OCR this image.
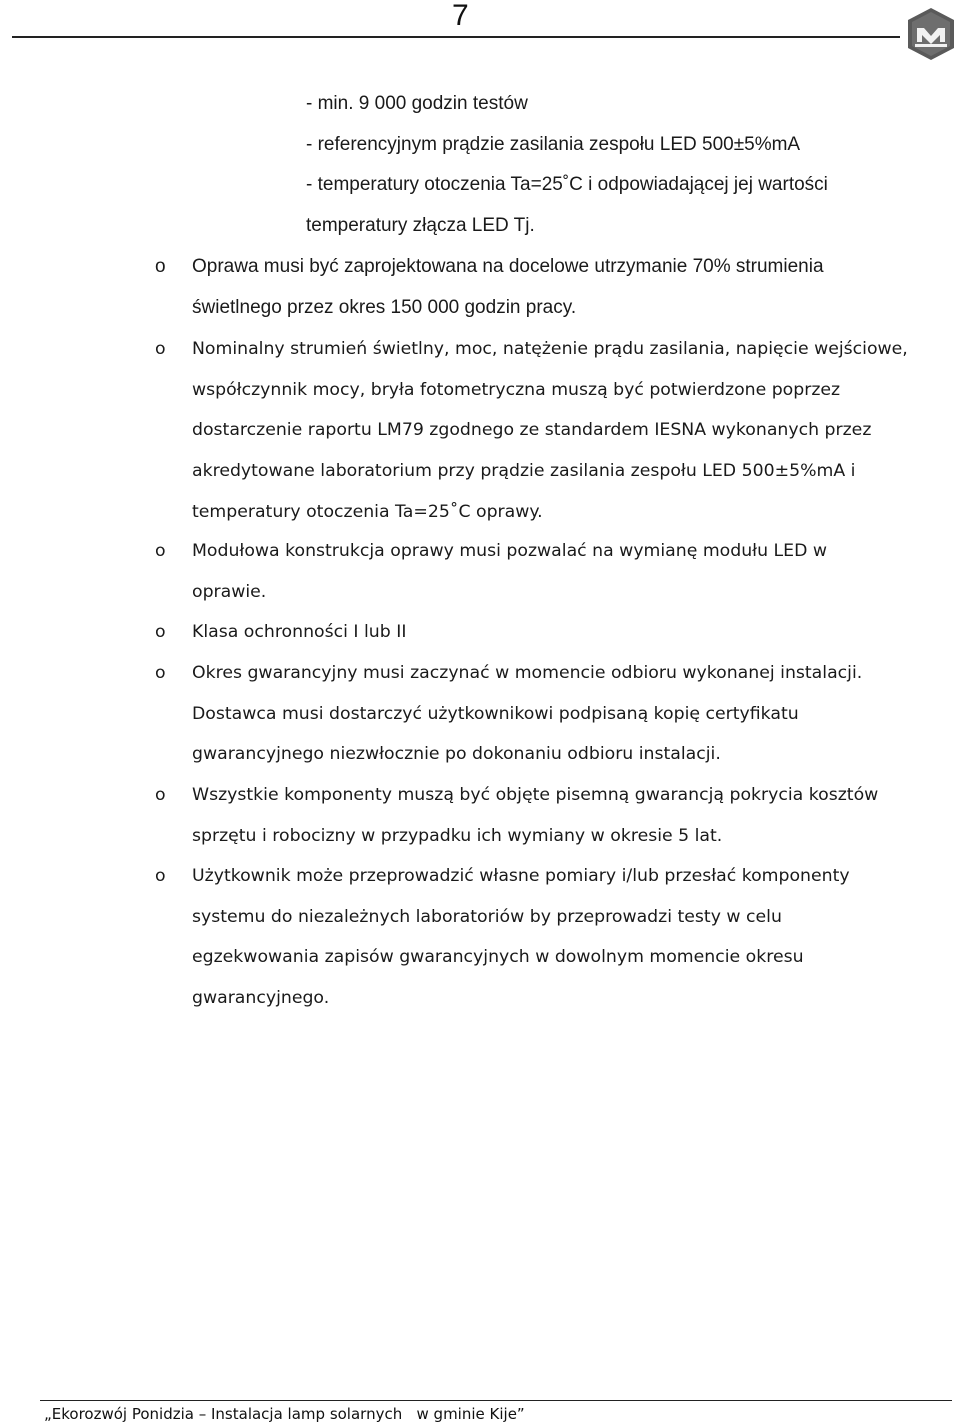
7
- min. 9 000 godzin testów
- referencyjnym prądzie zasilania zespołu LED 500±5%mA
- temperatury otoczenia Ta=25˚C i odpowiadającej jej wartości
temperatury złącza LED Tj.
o	Oprawa musi być zaprojektowana na docelowe utrzymanie 70% strumienia
świetlnego przez okres 150 000 godzin pracy.
o	Nominalny strumień świetlny, moc, natężenie prądu zasilania, napięcie wejściowe,
współczynnik mocy, bryła fotometryczna muszą być potwierdzone poprzez
dostarczenie raportu LM79 zgodnego ze standardem IESNA wykonanych przez
akredytowane laboratorium przy prądzie zasilania zespołu LED 500±5%mA i
temperatury otoczenia Ta=25˚C oprawy.
o	Modułowa konstrukcja oprawy musi pozwalać na wymianę modułu LED w
oprawie.
o	Klasa ochronności I lub II
o	Okres gwarancyjny musi zaczynać w momencie odbioru wykonanej instalacji.
Dostawca musi dostarczyć użytkownikowi podpisaną kopię certyfikatu
gwarancyjnego niezwłocznie po dokonaniu odbioru instalacji.
o	Wszystkie komponenty muszą być objęte pisemną gwarancją pokrycia kosztów
sprzętu i robocizny w przypadku ich wymiany w okresie 5 lat.
o	Użytkownik może przeprowadzić własne pomiary i/lub przesłać komponenty
systemu do niezależnych laboratoriów by przeprowadzi testy w celu
egzekwowania zapisów gwarancyjnych w dowolnym momencie okresu
gwarancyjnego.
„Ekorozwój Ponidzia – Instalacja lamp solarnych   w gminie Kije”
